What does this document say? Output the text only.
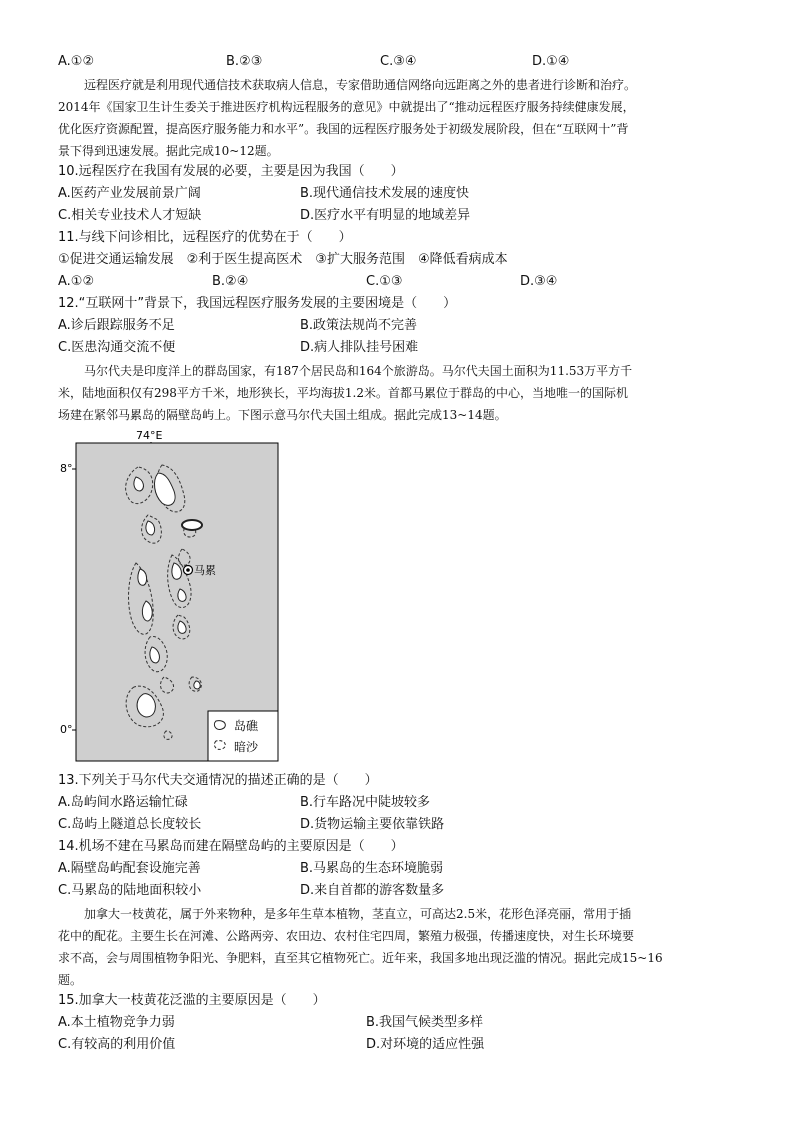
A.①②	B.②③	C.③④	D.①④
远程医疗就是利用现代通信技术获取病人信息，专家借助通信网络向远距离之外的患者进行诊断和治疗。
2014年《国家卫生计生委关于推进医疗机构远程服务的意见》中就提出了“推动远程医疗服务持续健康发展，
优化医疗资源配置，提高医疗服务能力和水平”。我国的远程医疗服务处于初级发展阶段，但在“互联网十”背
景下得到迅速发展。据此完成10~12题。
10.远程医疗在我国有发展的必要，主要是因为我国（　　）
A.医药产业发展前景广阔	B.现代通信技术发展的速度快
C.相关专业技术人才短缺	D.医疗水平有明显的地域差异
11.与线下问诊相比，远程医疗的优势在于（　　）
①促进交通运输发展　②利于医生提高医术　③扩大服务范围　④降低看病成本
A.①②	B.②④	C.①③	D.③④
12.“互联网十”背景下，我国远程医疗服务发展的主要困境是（　　）
A.诊后跟踪服务不足	B.政策法规尚不完善
C.医患沟通交流不便	D.病人排队挂号困难
马尔代夫是印度洋上的群岛国家，有187个居民岛和164个旅游岛。马尔代夫国土面积为11.53万平方千
米，陆地面积仅有298平方千米，地形狭长，平均海拔1.2米。首都马累位于群岛的中心，当地唯一的国际机
场建在紧邻马累岛的隔壁岛屿上。下图示意马尔代夫国土组成。据此完成13~14题。
74°E
8°
0°
马累
岛礁
暗沙
13.下列关于马尔代夫交通情况的描述正确的是（　　）
A.岛屿间水路运输忙碌	B.行车路况中陡坡较多
C.岛屿上隧道总长度较长	D.货物运输主要依靠铁路
14.机场不建在马累岛而建在隔壁岛屿的主要原因是（　　）
A.隔壁岛屿配套设施完善	B.马累岛的生态环境脆弱
C.马累岛的陆地面积较小	D.来自首都的游客数量多
加拿大一枝黄花，属于外来物种，是多年生草本植物，茎直立，可高达2.5米，花形色泽亮丽，常用于插
花中的配花。主要生长在河滩、公路两旁、农田边、农村住宅四周，繁殖力极强，传播速度快，对生长环境要
求不高，会与周围植物争阳光、争肥料，直至其它植物死亡。近年来，我国多地出现泛滥的情况。据此完成15~16
题。
15.加拿大一枝黄花泛滥的主要原因是（　　）
A.本土植物竞争力弱	B.我国气候类型多样
C.有较高的利用价值	D.对环境的适应性强
